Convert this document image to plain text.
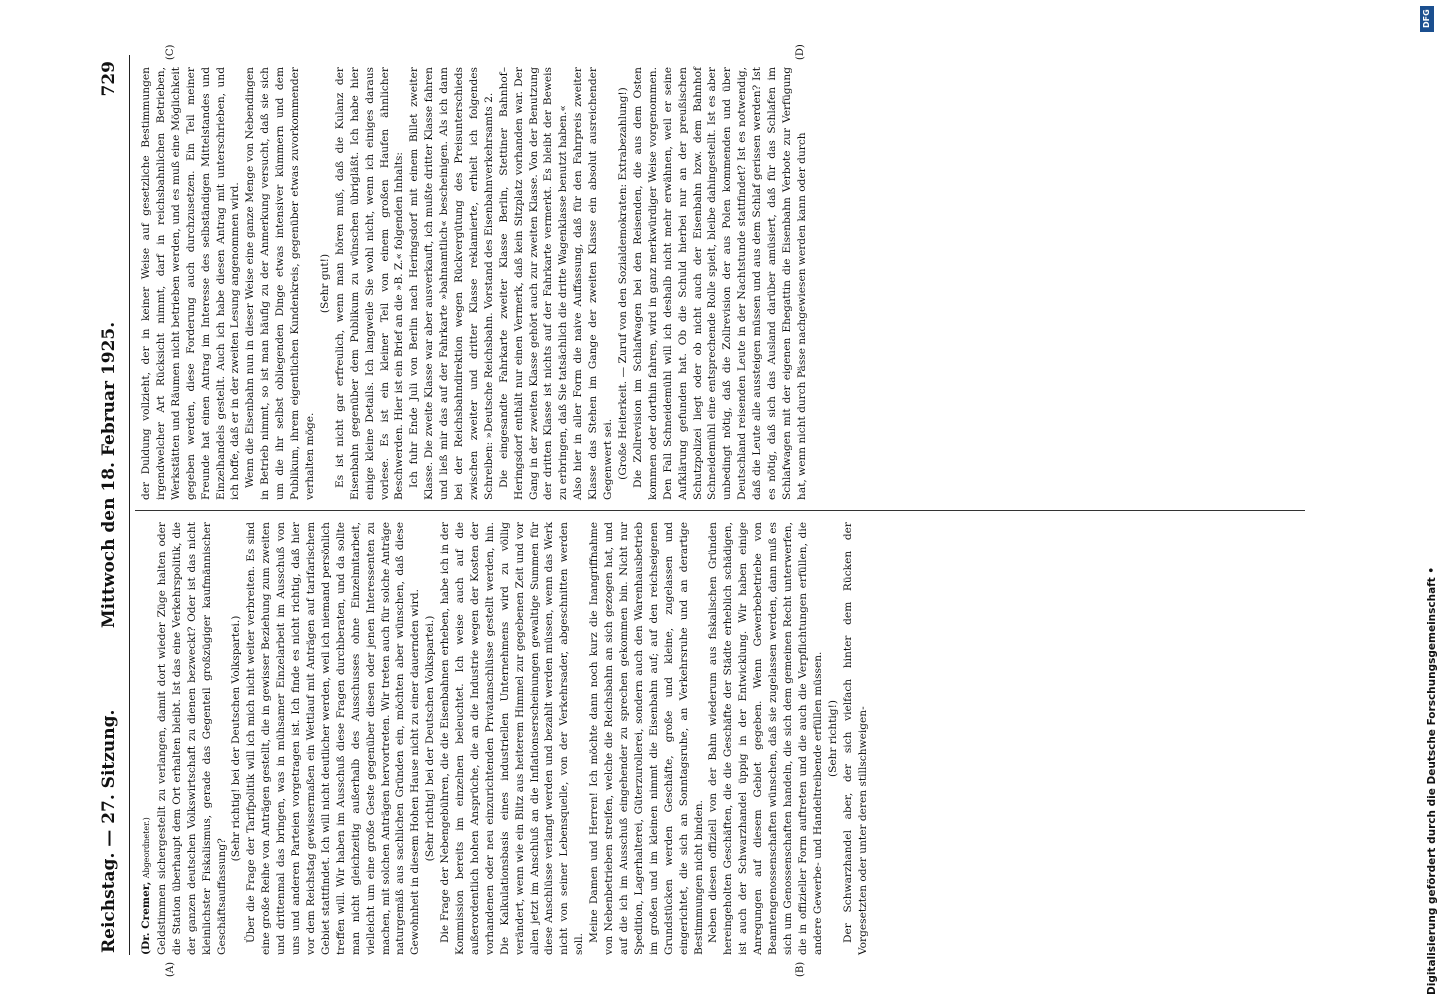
Reichstag. — 27. Sitzung.
Mittwoch den 18. Februar 1925.
729

(Dr. Cremer, Abgeordneter.) Geldstimmen sichergestellt zu verlangen, damit dort wieder Züge halten oder die Station überhaupt dem Ort erhalten bleibt. Ist das eine Verkehrspolitik, die der ganzen deutschen Volkswirtschaft zu dienen bezweckt? Oder ist das nicht kleinlichster Fiskalismus, gerade das Gegenteil großzügiger kaufmännischer Geschäftsauffassung?

(Sehr richtig! bei der Deutschen Volkspartei.) Über die Frage der Tarifpolitik will ich mich nicht weiter verbreiten. Es sind eine große Reihe von Anträgen gestellt, die in gewisser Beziehung zum zweiten und drittenmal das bringen, was in mühsamer Einzelarbeit im Ausschuß von uns und anderen Parteien vorgetragen ist. Ich finde es nicht richtig, daß hier vor dem Reichstag gewissermaßen ein Wettlauf mit Anträgen auf tarifarischem Gebiet stattfindet. Ich will nicht deutlicher werden, weil ich niemand persönlich treffen will. Wir haben im Ausschuß diese Fragen durchberaten, und da sollte man nicht gleichzeitig außerhalb des Ausschusses ohne Einzelmitarbeit, vielleicht um eine große Geste gegenüber diesen oder jenen Interessenten zu machen, mit solchen Anträgen hervortreten. Wir treten auch für solche Anträge naturgemäß aus sachlichen Gründen ein, möchten aber wünschen, daß diese Gewohnheit in diesem Hohen Hause nicht zu einer dauernden wird. (Sehr richtig! bei der Deutschen Volkspartei.) Die Frage der Nebengebühren, die die Eisenbahnen erheben, habe ich in der Kommission bereits im einzelnen beleuchtet. Ich weise auch auf die außerordentlich hohen Ansprüche, die an die Industrie wegen der Kosten der vorhandenen oder neu einzurichtenden Privatanschlüsse gestellt werden, hin. Die Kalkulationsbasis eines industriellen Unternehmens wird zu völlig verändert, wenn wie ein Blitz aus heiterem Himmel zur gegebenen Zeit und vor allen jetzt im Anschluß an die Inflationserscheinungen gewaltige Summen für diese Anschlüsse verlangt werden und bezahlt werden müssen, wenn das Werk nicht von seiner Lebensquelle, von der Verkehrsader, abgeschnitten werden soll.

Meine Damen und Herren! Ich möchte dann noch kurz die Inangriffnahme von Nebenbetrieben streifen, welche die Reichsbahn an sich gezogen hat, und auf die ich im Ausschuß eingehender zu sprechen gekommen bin. Nicht nur Spedition, Lagerhalterei, Güterzurollerei, sondern auch den Warenhausbetrieb im großen und im kleinen nimmt die Eisenbahn auf; auf den reichseigenen Grundstücken werden Geschäfte, große und kleine, zugelassen und eingerichtet, die sich an Sonntagsruhe, an Verkehrsruhe und an derartige Bestimmungen nicht binden. Neben diesen offiziell von der Bahn wiederum aus fiskalischen Gründen hereingeholten Geschäften, die die Geschäfte der Städte erheblich schädigen, ist auch der Schwarzhandel üppig in der Entwicklung. Wir haben einige Anregungen auf diesem Gebiet gegeben. Wenn Gewerbebetriebe von Beamtengenossenschaften wünschen, daß sie zugelassen werden, dann muß es sich um Genossenschaften handeln, die sich dem gemeinen Recht unterwerfen, die in offizieller Form auftreten und die auch die Verpflichtungen erfüllen, die andere Gewerbe- und Handeltreibende erfüllen müssen. (Sehr richtig!) Der Schwarzhandel aber, der sich vielfach hinter dem Rücken der Vorgesetzten oder unter deren stillschweigen-

der Duldung vollzieht, der in keiner Weise auf gesetzliche Bestimmungen irgendwelcher Art Rücksicht nimmt, darf in reichsbahnlichen Betrieben, Werkstätten und Räumen nicht betrieben werden, und es muß eine Möglichkeit gegeben werden, diese Forderung auch durchzusetzen. Ein Teil meiner Freunde hat einen Antrag im Interesse des selbständigen Mittelstandes und Einzelhandels gestellt. Auch ich habe diesen Antrag mit unterschrieben, und ich hoffe, daß er in der zweiten Lesung angenommen wird. Wenn die Eisenbahn nun in dieser Weise eine ganze Menge von Nebendingen in Betrieb nimmt, so ist man häufig zu der Anmerkung versucht, daß sie sich um die ihr selbst obliegenden Dinge etwas intensiver kümmern und dem Publikum, ihrem eigentlichen Kundenkreis, gegenüber etwas zuvorkommender verhalten möge.

(Sehr gut!) Es ist nicht gar erfreulich, wenn man hören muß, daß die Kulanz der Eisenbahn gegenüber dem Publikum zu wünschen übrigläßt. Ich habe hier einige kleine Details. Ich langweile Sie wohl nicht, wenn ich einiges daraus vorlese. Es ist ein kleiner Teil von einem großen Haufen ähnlicher Beschwerden. Hier ist ein Brief an die »B. Z.« folgenden Inhalts: Ich fuhr Ende Juli von Berlin nach Heringsdorf mit einem Billet zweiter Klasse. Die zweite Klasse war aber ausverkauft, ich mußte dritter Klasse fahren und ließ mir das auf der Fahrkarte »bahnamtlich« bescheinigen. Als ich dann bei der Reichsbahndirektion wegen Rückvergütung des Preisunterschieds zwischen zweiter und dritter Klasse reklamierte, erhielt ich folgendes Schreiben: »Deutsche Reichsbahn. Vorstand des Eisenbahnverkehrsamts 2. Die eingesandte Fahrkarte zweiter Klasse Berlin, Stettiner Bahnhof–Heringsdorf enthält nur einen Vermerk, daß kein Sitzplatz vorhanden war. Der Gang in der zweiten Klasse gehört auch zur zweiten Klasse. Von der Benutzung der dritten Klasse ist nichts auf der Fahrkarte vermerkt. Es bleibt der Beweis zu erbringen, daß Sie tatsächlich die dritte Wagenklasse benutzt haben.« Also hier in aller Form die naive Auffassung, daß für den Fahrpreis zweiter Klasse das Stehen im Gange der zweiten Klasse ein absolut ausreichender Gegenwert sei. (Große Heiterkeit. — Zuruf von den Sozialdemokraten: Extrabezahlung!) Die Zollrevision im Schlafwagen bei den Reisenden, die aus dem Osten kommen oder dorthin fahren, wird in ganz merkwürdiger Weise vorgenommen. Den Fall Schneidemühl will ich deshalb nicht mehr erwähnen, weil er seine Aufklärung gefunden hat. Ob die Schuld hierbei nur an der preußischen Schutzpolizei liegt oder ob nicht auch der Eisenbahn bzw. dem Bahnhof Schneidemühl eine entsprechende Rolle spielt, bleibe dahingestellt. Ist es aber unbedingt nötig, daß die Zollrevision der aus Polen kommenden und über Deutschland reisenden Leute in der Nachtstunde stattfindet? Ist es notwendig, daß die Leute alle aussteigen müssen und aus dem Schlaf gerissen werden? Ist es nötig, daß sich das Ausland darüber amüsiert, daß für das Schlafen im Schlafwagen mit der eigenen Ehegattin die Eisenbahn Verbote zur Verfügung hat, wenn nicht durch Pässe nachgewiesen werden kann oder durch

(A)	(B)
(C)	(D)
DFG
Digitalisierung gefördert durch die Deutsche Forschungsgemeinschaft •
